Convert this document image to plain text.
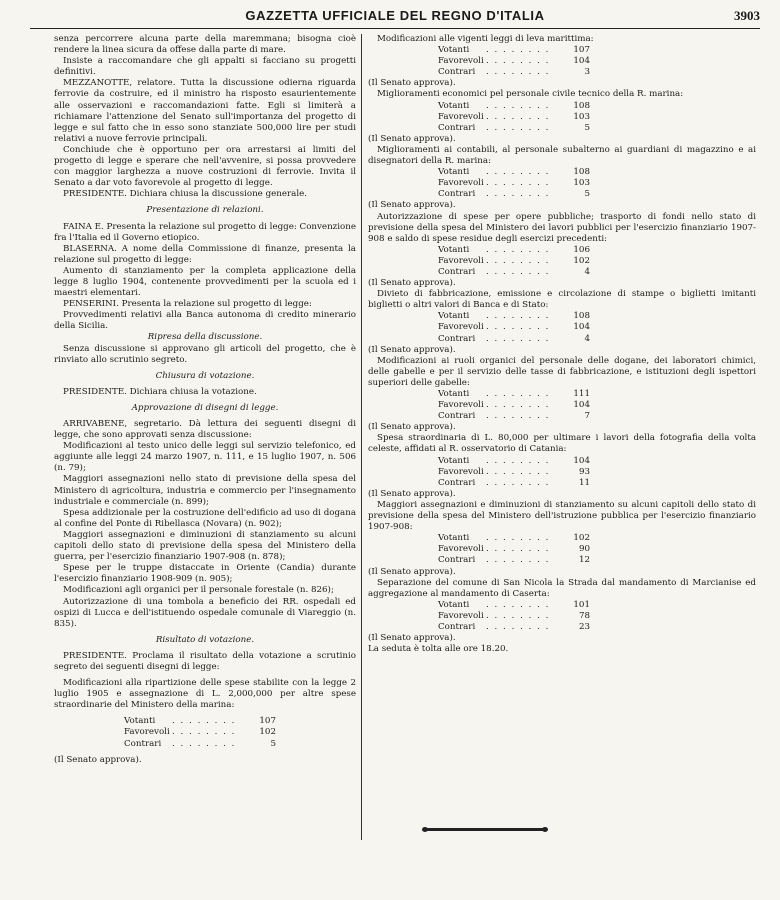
GAZZETTA UFFICIALE DEL REGNO D'ITALIA	3903

senza percorrere alcuna parte della maremmana; bisogna cioè rendere la linea sicura da offese dalla parte di mare.

Insiste a raccomandare che gli appalti si facciano su progetti definitivi.

MEZZANOTTE, relatore. Tutta la discussione odierna riguarda ferrovie da costruire, ed il ministro ha risposto esaurientemente alle osservazioni e raccomandazioni fatte. Egli si limiterà a richiamare l'attenzione del Senato sull'importanza del progetto di legge e sul fatto che in esso sono stanziate 500,000 lire per studi relativi a nuove ferrovie principali.

Conchiude che è opportuno per ora arrestarsi ai limiti del progetto di legge e sperare che nell'avvenire, si possa provvedere con maggior larghezza a nuove costruzioni di ferrovie. Invita il Senato a dar voto favorevole al progetto di legge.

PRESIDENTE. Dichiara chiusa la discussione generale.

Presentazione di relazioni.

FAINA E. Presenta la relazione sul progetto di legge: Convenzione fra l'Italia ed il Governo etiopico.

BLASERNA. A nome della Commissione di finanze, presenta la relazione sul progetto di legge:

Aumento di stanziamento per la completa applicazione della legge 8 luglio 1904, contenente provvedimenti per la scuola ed i maestri elementari.

PENSERINI. Presenta la relazione sul progetto di legge:

Provvedimenti relativi alla Banca autonoma di credito minerario della Sicilia.

Ripresa della discussione.

Senza discussione si approvano gli articoli del progetto, che è rinviato allo scrutinio segreto.

Chiusura di votazione.

PRESIDENTE. Dichiara chiusa la votazione.

Approvazione di disegni di legge.

ARRIVABENE, segretario. Dà lettura dei seguenti disegni di legge, che sono approvati senza discussione:

Modificazioni al testo unico delle leggi sul servizio telefonico, ed aggiunte alle leggi 24 marzo 1907, n. 111, e 15 luglio 1907, n. 506 (n. 79);

Maggiori assegnazioni nello stato di previsione della spesa del Ministero di agricoltura, industria e commercio per l'insegnamento industriale e commerciale (n. 899);

Spesa addizionale per la costruzione dell'edificio ad uso di dogana al confine del Ponte di Ribellasca (Novara) (n. 902);

Maggiori assegnazioni e diminuzioni di stanziamento su alcuni capitoli dello stato di previsione della spesa del Ministero della guerra, per l'esercizio finanziario 1907-908 (n. 878);

Spese per le truppe distaccate in Oriente (Candia) durante l'esercizio finanziario 1908-909 (n. 905);

Modificazioni agli organici per il personale forestale (n. 826);

Autorizzazione di una tombola a beneficio dei RR. ospedali ed ospizi di Lucca e dell'istituendo ospedale comunale di Viareggio (n. 835).

Risultato di votazione.

PRESIDENTE. Proclama il risultato della votazione a scrutinio segreto dei seguenti disegni di legge:

Modificazioni alla ripartizione delle spese stabilite con la legge 2 luglio 1905 e assegnazione di L. 2,000,000 per altre spese straordinarie del Ministero della marina:

Votanti	. . . . . . . .	107
Favorevoli . . . . . . . .	102
Contrari	. . . . . . . .	5

(Il Senato approva).

Modificazioni alle vigenti leggi di leva marittima:

Votanti	. . . . . . . .	107
Favorevoli . . . . . . . .	104
Contrari	. . . . . . . .	3

(Il Senato approva).

Miglioramenti economici pel personale civile tecnico della R. marina:

Votanti	. . . . . . . .	108
Favorevoli . . . . . . . .	103
Contrari	. . . . . . . .	5

(Il Senato approva).

Miglioramenti ai contabili, al personale subalterno ai guardiani di magazzino e ai disegnatori della R. marina:

Votanti	. . . . . . . .	108
Favorevoli . . . . . . . .	103
Contrari	. . . . . . . .	5

(Il Senato approva).

Autorizzazione di spese per opere pubbliche; trasporto di fondi nello stato di previsione della spesa del Ministero dei lavori pubblici per l'esercizio finanziario 1907-908 e saldo di spese residue degli esercizi precedenti:

Votanti	. . . . . . . .	106
Favorevoli . . . . . . . .	102
Contrari	. . . . . . . .	4

(Il Senato approva).

Divieto di fabbricazione, emissione e circolazione di stampe o biglietti imitanti biglietti o altri valori di Banca e di Stato:

Votanti	. . . . . . . .	108
Favorevoli . . . . . . . .	104
Contrari	. . . . . . . .	4

(Il Senato approva).

Modificazioni ai ruoli organici del personale delle dogane, dei laboratori chimici, delle gabelle e per il servizio delle tasse di fabbricazione, e istituzioni degli ispettori superiori delle gabelle:

Votanti	. . . . . . . .	111
Favorevoli . . . . . . . .	104
Contrari	. . . . . . . .	7

(Il Senato approva).

Spesa straordinaria di L. 80,000 per ultimare i lavori della fotografia della volta celeste, affidati al R. osservatorio di Catania:

Votanti	. . . . . . . .	104
Favorevoli . . . . . . . .	93
Contrari	. . . . . . . .	11

(Il Senato approva).

Maggiori assegnazioni e diminuzioni di stanziamento su alcuni capitoli dello stato di previsione della spesa del Ministero dell'istruzione pubblica per l'esercizio finanziario 1907-908:

Votanti	. . . . . . . .	102
Favorevoli . . . . . . . .	90
Contrari	. . . . . . . .	12

(Il Senato approva).

Separazione del comune di San Nicola la Strada dal mandamento di Marcianise ed aggregazione al mandamento di Caserta:

Votanti	. . . . . . . .	101
Favorevoli . . . . . . . .	78
Contrari	. . . . . . . .	23

(Il Senato approva).

La seduta è tolta alle ore 18.20.
